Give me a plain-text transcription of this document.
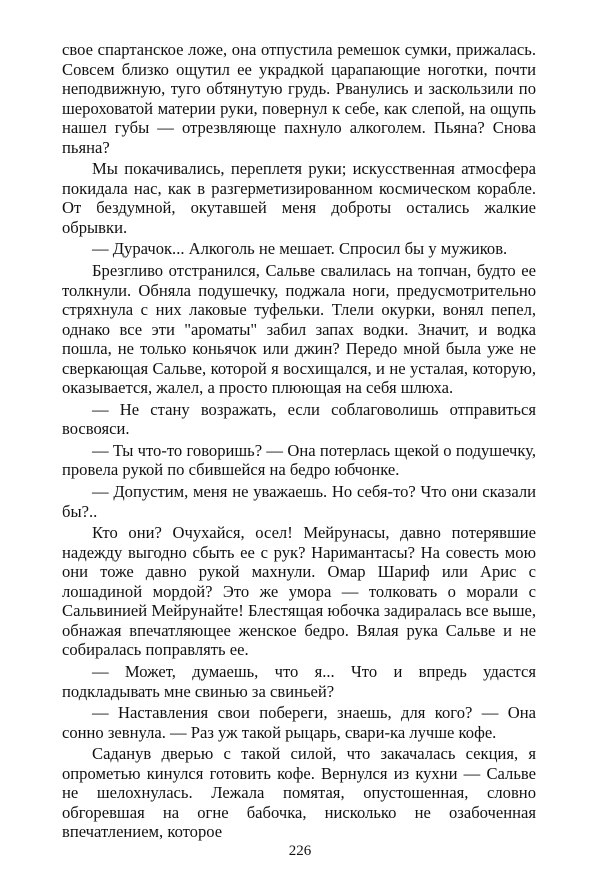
свое спартанское ложе, она отпустила ремешок сумки, прижалась. Совсем близко ощутил ее украдкой царапающие ноготки, почти неподвижную, туго обтянутую грудь. Рванулись и заскользили по шероховатой материи руки, повернул к себе, как слепой, на ощупь нашел губы — отрезвляюще пахнуло алкоголем. Пьяна? Снова пьяна?

Мы покачивались, переплетя руки; искусственная атмосфера покидала нас, как в разгерметизированном космическом корабле. От бездумной, окутавшей меня доброты остались жалкие обрывки.

— Дурачок... Алкоголь не мешает. Спросил бы у мужиков.

Брезгливо отстранился, Сальве свалилась на топчан, будто ее толкнули. Обняла подушечку, поджала ноги, предусмотрительно стряхнула с них лаковые туфельки. Тлели окурки, вонял пепел, однако все эти "ароматы" забил запах водки. Значит, и водка пошла, не только коньячок или джин? Передо мной была уже не сверкающая Сальве, которой я восхищался, и не усталая, которую, оказывается, жалел, а просто плюющая на себя шлюха.

— Не стану возражать, если соблаговолишь отправиться восвояси.

— Ты что-то говоришь? — Она потерлась щекой о подушечку, провела рукой по сбившейся на бедро юбчонке.

— Допустим, меня не уважаешь. Но себя-то? Что они сказали бы?..

Кто они? Очухайся, осел! Мейрунасы, давно потерявшие надежду выгодно сбыть ее с рук? Наримантасы? На совесть мою они тоже давно рукой махнули. Омар Шариф или Арис с лошадиной мордой? Это же умора — толковать о морали с Сальвинией Мейрунайте! Блестящая юбочка задиралась все выше, обнажая впечатляющее женское бедро. Вялая рука Сальве и не собиралась поправлять ее.

— Может, думаешь, что я... Что и впредь удастся подкладывать мне свинью за свиньей?

— Наставления свои побереги, знаешь, для кого? — Она сонно зевнула. — Раз уж такой рыцарь, свари-ка лучше кофе.

Саданув дверью с такой силой, что закачалась секция, я опрометью кинулся готовить кофе. Вернулся из кухни — Сальве не шелохнулась. Лежала помятая, опустошенная, словно обгоревшая на огне бабочка, нисколько не озабоченная впечатлением, которое

226
